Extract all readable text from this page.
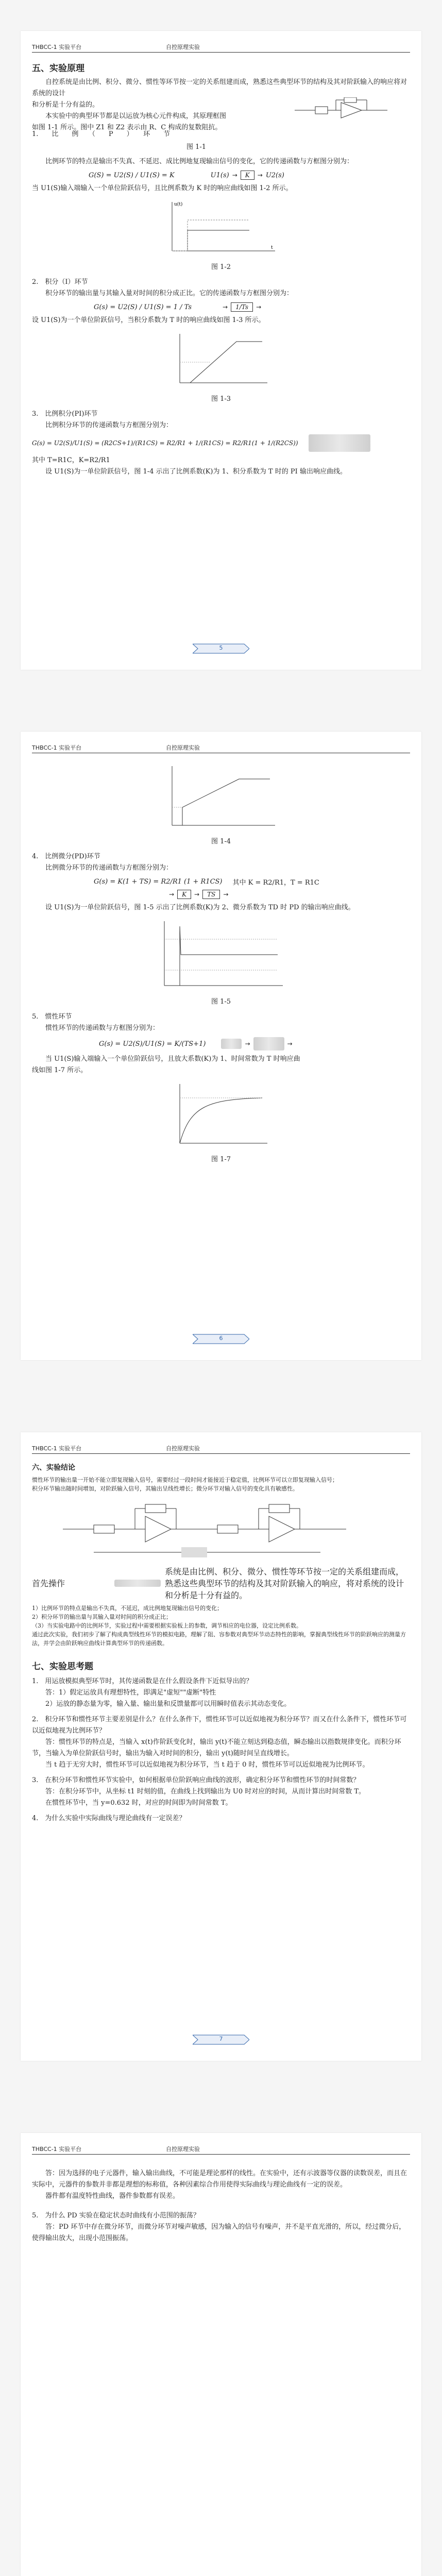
THBCC-1 实验平台	自控原理实验
五、实验原理

自控系统是由比例、积分、微分、惯性等环节按一定的关系组建而成，熟悉这些典型环节的结构及其对阶跃输入的响应将对系统的设计

和分析是十分有益的。

本实验中的典型环节都是以运放为核心元件构成，其原理框图

如图 1-1 所示。图中 Z1 和 Z2 表示由 R、C 构成的复数阻抗。

1.　　比　　例　　（　　P　　）　　环　　节
图 1-1

比例环节的特点是输出不失真、不延迟、成比例地复现输出信号的变化，它的传递函数与方框图分别为：

G(S) = U2(S) / U1(S) = K	U1(s) →	K	→ U2(s)

当 U1(S)输入端输入一个单位阶跃信号，且比例系数为 K 时的响应曲线如图 1-2 所示。

u(t)
t
图 1-2
2.　积分（I）环节

积分环节的输出量与其输入量对时间的积分成正比。它的传递函数与方框图分别为：

G(s) = U2(S) / U1(S) = 1 / Ts	→	1/Ts	→

设 U1(S)为一个单位阶跃信号，当积分系数为 T 时的响应曲线如图 1-3 所示。

图 1-3
3.　比例积分(PI)环节

比例积分环节的传递函数与方框图分别为：

G(s) = U2(S)/U1(S) = (R2CS+1)/(R1CS) = R2/R1 + 1/(R1CS) = R2/R1(1 + 1/(R2CS))

其中 T=R1C，K=R2/R1

设 U1(S)为一单位阶跃信号，图 1-4 示出了比例系数(K)为 1、积分系数为 T 时的 PI 输出响应曲线。

5
THBCC-1 实验平台	自控原理实验
图 1-4
4.　比例微分(PD)环节

比例微分环节的传递函数与方框图分别为：

G(s) = K(1 + TS) = R2/R1 (1 + R1CS) 其中 K = R2/R1，T = R1C
→	K	→	TS	→

设 U1(S)为一单位阶跃信号，图 1-5 示出了比例系数(K)为 2、微分系数为 TD 时 PD 的输出响应曲线。

图 1-5
5.　惯性环节

惯性环节的传递函数与方框图分别为：

G(s) = U2(S)/U1(S) = K/(TS+1)	→	→

当 U1(S)输入端输入一个单位阶跃信号，且放大系数(K)为 1、时间常数为 T 时响应曲

线如图 1-7 所示。

图 1-7
6
THBCC-1 实验平台	自控原理实验
六、实验结论

惯性环节的输出量一开始不能立即复现输入信号，需要经过一段时间才能接近于稳定值，比例环节可以立即复现输入信号；

积分环节输出随时间增加，对阶跃输入信号，其输出呈线性增长；微分环节对输入信号的变化具有敏感性。

首先操作
系统是由比例、积分、微分、惯性等环节按一定的关系组建而成，熟悉这些典型环节的结构及其对阶跃输入的响应，将对系统的设计和分析是十分有益的。

1）比例环节的特点是输出不失真，不延迟，成比例地复现输出信号的变化；

2）积分环节的输出量与其输入量对时间的积分成正比；

（3）当实验电路中的比例环节，实验过程中需要根据实验板上的参数，调节相应的电位器，设定比例系数。

通过此次实验，我们初步了解了构成典型线性环节的模拟电路，理解了阻、容参数对典型环节动态特性的影响，掌握典型线性环节的阶跃响应的测量方法，并学会由阶跃响应曲线计算典型环节的传递函数。

七、实验思考题

1.　用运放模拟典型环节时，其传递函数是在什么假设条件下近似导出的？

答：1）假定运放具有理想特性，即满足"虚短""虚断"特性

2）运放的静态量为零，输入量、输出量和反馈量都可以用瞬时值表示其动态变化。

2.　积分环节和惯性环节主要差别是什么？在什么条件下，惯性环节可以近似地视为积分环节？而又在什么条件下，惯性环节可以近似地视为比例环节？

答：惯性环节的特点是，当输入 x(t)作阶跃变化时，输出 y(t)不能立刻达到稳态值，瞬态输出以指数规律变化。而积分环节，当输入为单位阶跃信号时，输出为输入对时间的积分，输出 y(t)随时间呈直线增长。

当 t 趋于无穷大时，惯性环节可以近似地视为积分环节，当 t 趋于 0 时，惯性环节可以近似地视为比例环节。

3.　在积分环节和惯性环节实验中，如何根据单位阶跃响应曲线的波形，确定积分环节和惯性环节的时间常数？

答：在积分环节中，从坐标 t1 时刻的值，在曲线上找到输出为 U0 时对应的时间，从而计算出时间常数 T。

在惯性环节中，当 y=0.632 时，对应的时间即为时间常数 T。

4.　为什么实验中实际曲线与理论曲线有一定误差？

7
THBCC-1 实验平台	自控原理实验

答：因为选择的电子元器件，输入输出曲线，不可能是理论那样的线性。在实验中，还有示波器等仪器的读数误差，而且在实际中，元器件的参数并非都是理想的标称值，各种因素综合作用使得实际曲线与理论曲线有一定的误差。

器件都有温度特性曲线，器件参数都有误差。

5.　为什么 PD 实验在稳定状态时曲线有小范围的振荡？

答：PD 环节中存在微分环节，而微分环节对噪声敏感，因为输入的信号有噪声，并不是平直光滑的，所以，经过微分后，使得输出放大，出现小范围振荡。
